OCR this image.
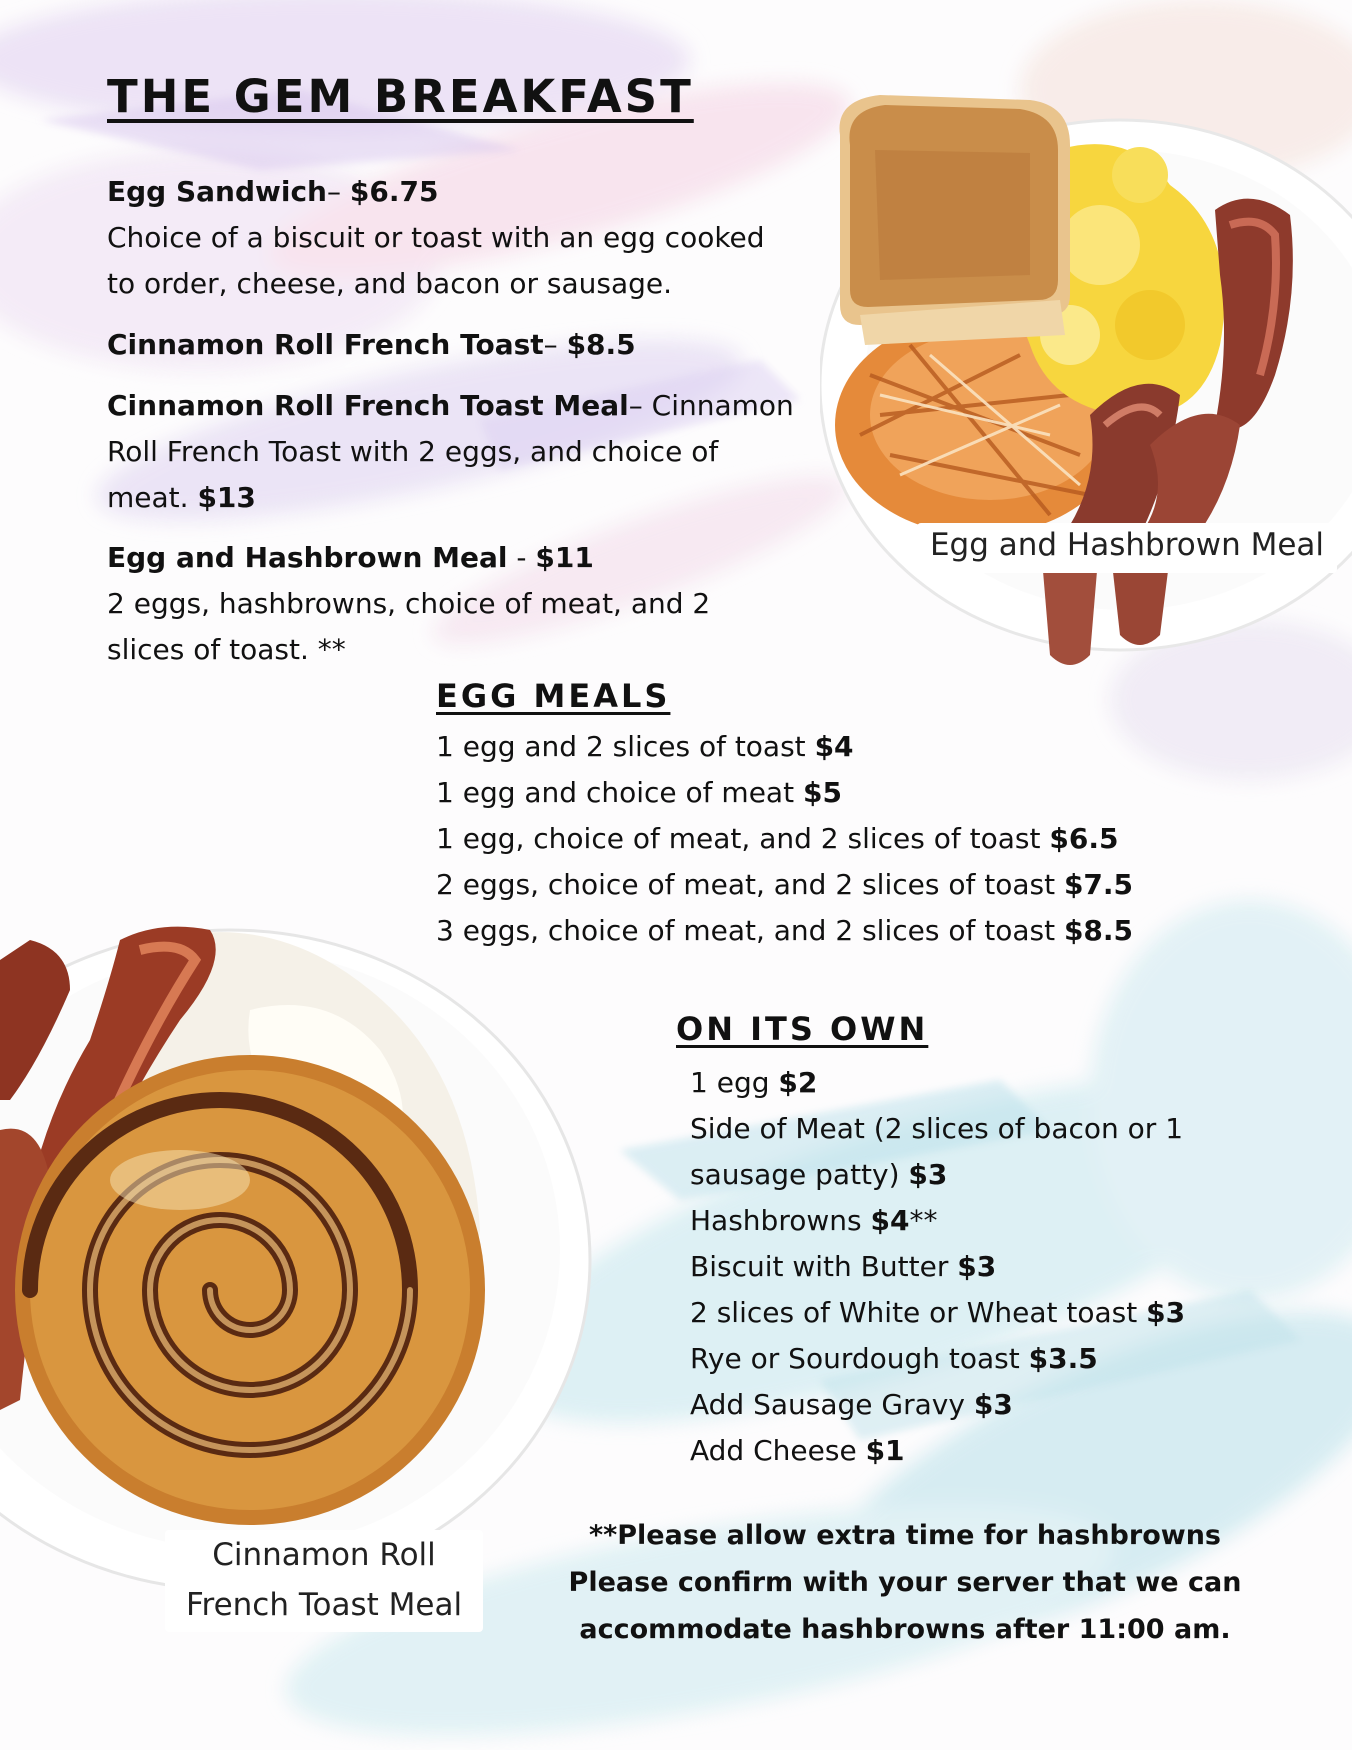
Egg and Hashbrown Meal
Cinnamon Roll
French Toast Meal
THE GEM BREAKFAST
Egg Sandwich– $6.75
Choice of a biscuit or toast with an egg cooked
to order, cheese, and bacon or sausage.
Cinnamon Roll French Toast– $8.5
Cinnamon Roll French Toast Meal– Cinnamon
Roll French Toast with 2 eggs, and choice of
meat. $13
Egg and Hashbrown Meal - $11
2 eggs, hashbrowns, choice of meat, and 2
slices of toast. **
EGG MEALS
1 egg and 2 slices of toast $4
1 egg and choice of meat $5
1 egg, choice of meat, and 2 slices of toast $6.5
2 eggs, choice of meat, and 2 slices of toast $7.5
3 eggs, choice of meat, and 2 slices of toast $8.5
ON ITS OWN
1 egg $2
Side of Meat (2 slices of bacon or 1
sausage patty) $3
Hashbrowns $4**
Biscuit with Butter $3
2 slices of White or Wheat toast $3
Rye or Sourdough toast $3.5
Add Sausage Gravy $3
Add Cheese $1
**Please allow extra time for hashbrowns
Please confirm with your server that we can
accommodate hashbrowns after 11:00 am.
